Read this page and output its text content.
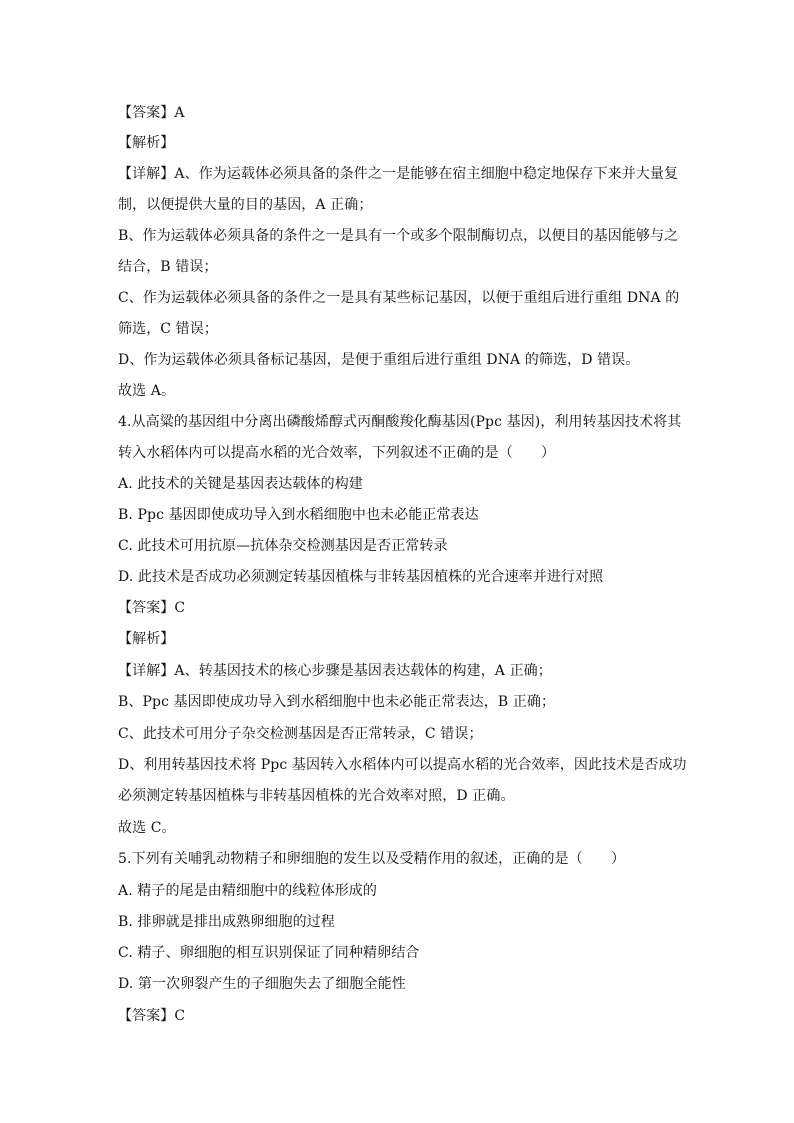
【答案】A
【解析】
【详解】A、作为运载体必须具备的条件之一是能够在宿主细胞中稳定地保存下来并大量复
制，以便提供大量的目的基因，A 正确；
B、作为运载体必须具备的条件之一是具有一个或多个限制酶切点，以便目的基因能够与之
结合，B 错误；
C、作为运载体必须具备的条件之一是具有某些标记基因，以便于重组后进行重组 DNA 的
筛选，C 错误；
D、作为运载体必须具备标记基因，是便于重组后进行重组 DNA 的筛选，D 错误。
故选 A。
4.从高粱的基因组中分离出磷酸烯醇式丙酮酸羧化酶基因(Ppc 基因)，利用转基因技术将其
转入水稻体内可以提高水稻的光合效率，下列叙述不正确的是（　　）
A. 此技术的关键是基因表达载体的构建
B. Ppc 基因即使成功导入到水稻细胞中也未必能正常表达
C. 此技术可用抗原—抗体杂交检测基因是否正常转录
D. 此技术是否成功必须测定转基因植株与非转基因植株的光合速率并进行对照
【答案】C
【解析】
【详解】A、转基因技术的核心步骤是基因表达载体的构建，A 正确；
B、Ppc 基因即使成功导入到水稻细胞中也未必能正常表达，B 正确；
C、此技术可用分子杂交检测基因是否正常转录，C 错误；
D、利用转基因技术将 Ppc 基因转入水稻体内可以提高水稻的光合效率，因此技术是否成功
必须测定转基因植株与非转基因植株的光合效率对照，D 正确。
故选 C。
5.下列有关哺乳动物精子和卵细胞的发生以及受精作用的叙述，正确的是（　　）
A. 精子的尾是由精细胞中的线粒体形成的
B. 排卵就是排出成熟卵细胞的过程
C. 精子、卵细胞的相互识别保证了同种精卵结合
D. 第一次卵裂产生的子细胞失去了细胞全能性
【答案】C
